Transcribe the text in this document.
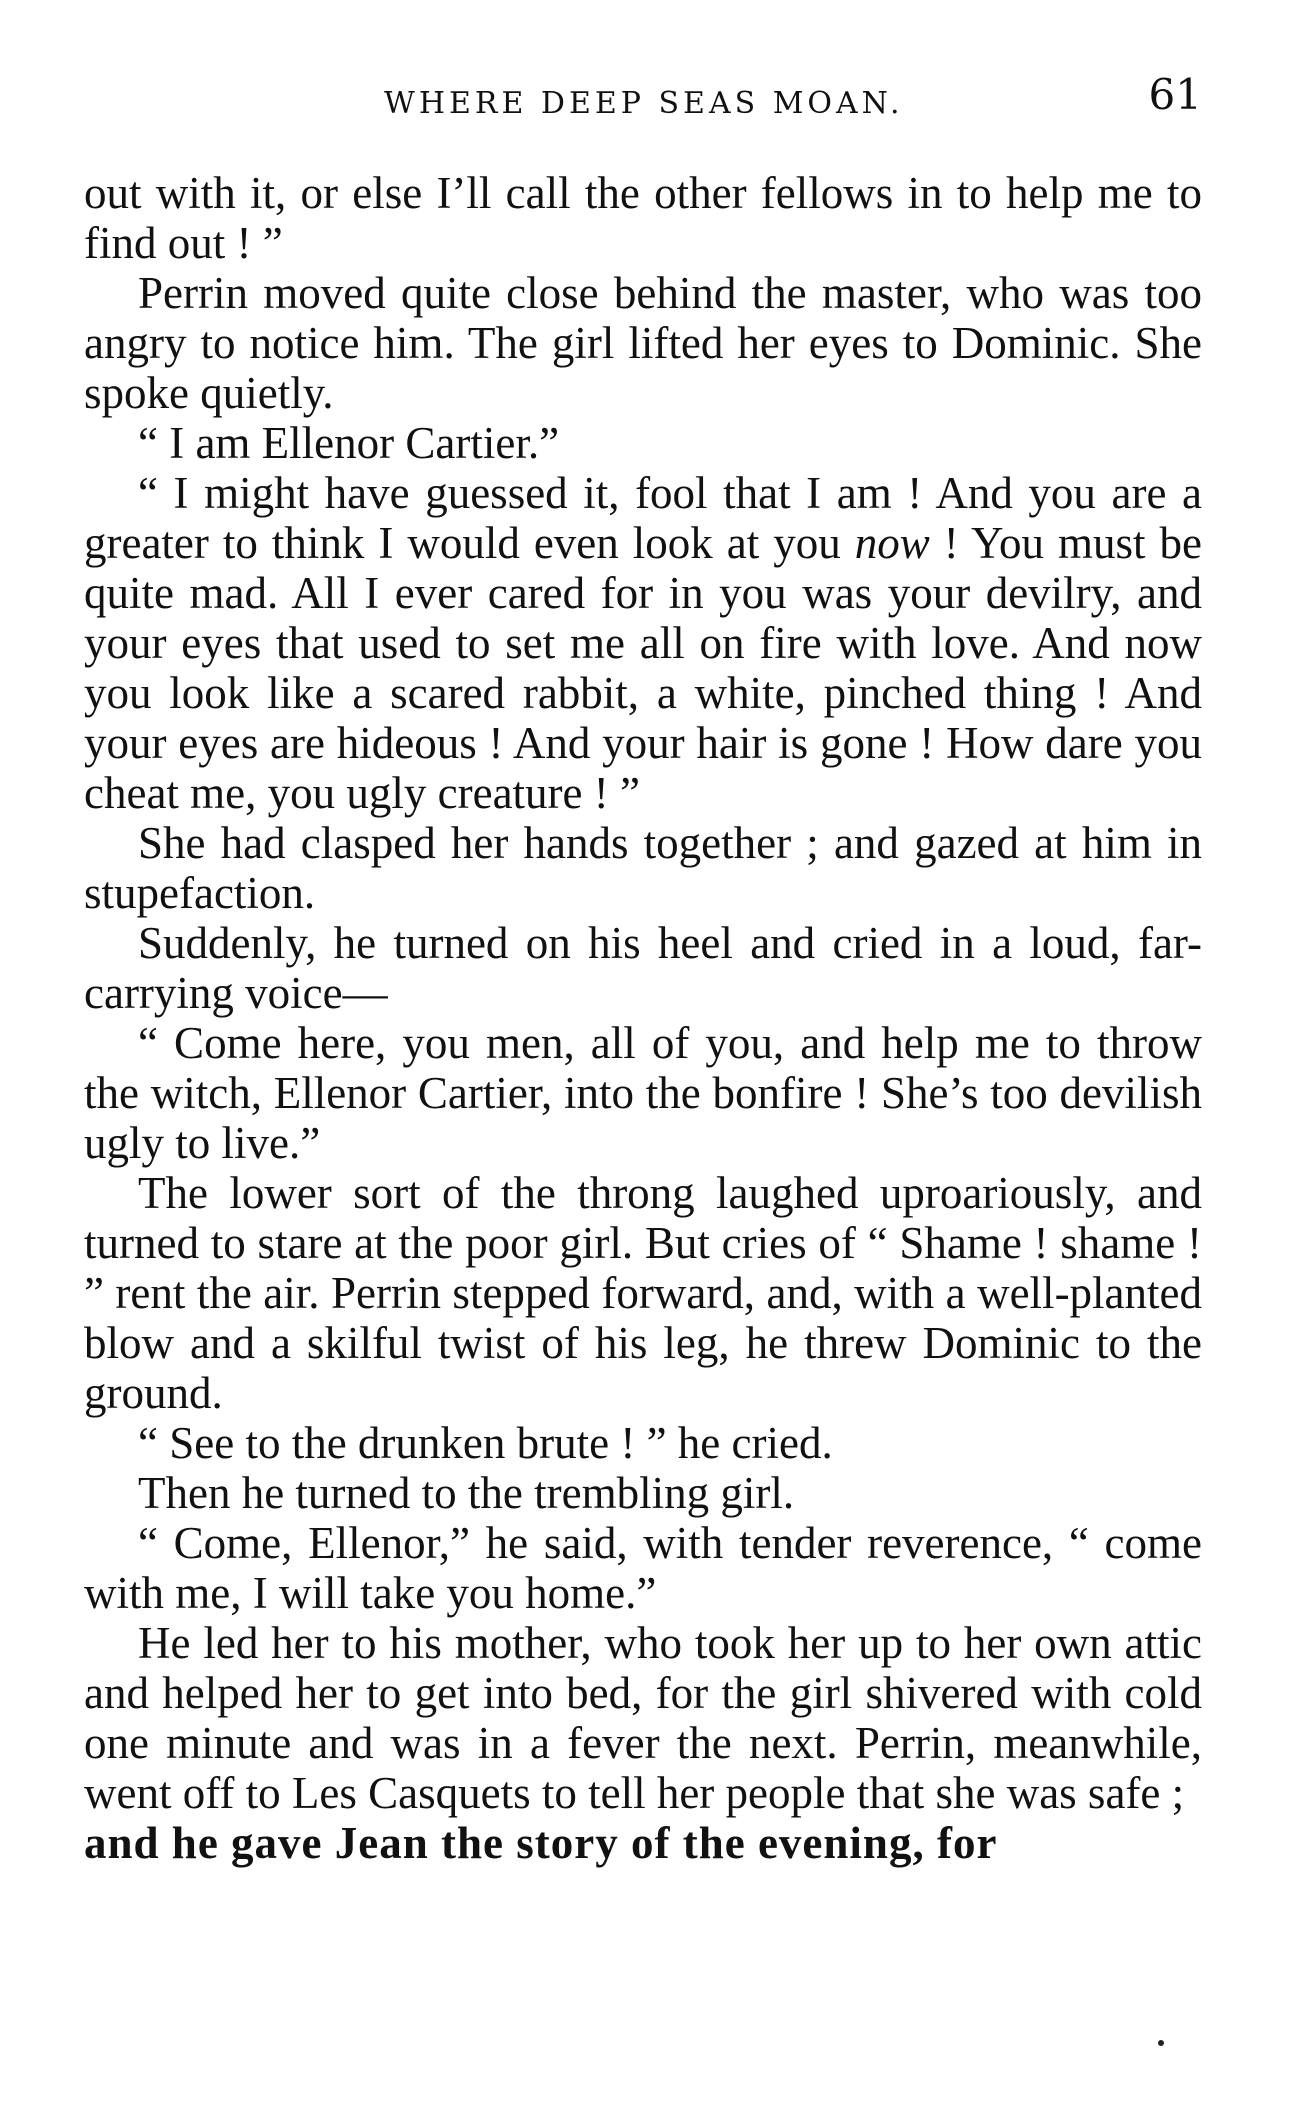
WHERE DEEP SEAS MOAN.	61

out with it, or else I’ll call the other fellows in to help me to find out ! ”

Perrin moved quite close behind the master, who was too angry to notice him. The girl lifted her eyes to Dominic. She spoke quietly.

“ I am Ellenor Cartier.”

“ I might have guessed it, fool that I am ! And you are a greater to think I would even look at you now ! You must be quite mad. All I ever cared for in you was your devilry, and your eyes that used to set me all on fire with love. And now you look like a scared rabbit, a white, pinched thing ! And your eyes are hideous ! And your hair is gone ! How dare you cheat me, you ugly creature ! ”

She had clasped her hands together ; and gazed at him in stupefaction.

Suddenly, he turned on his heel and cried in a loud, far-carrying voice—

“ Come here, you men, all of you, and help me to throw the witch, Ellenor Cartier, into the bonfire ! She’s too devilish ugly to live.”

The lower sort of the throng laughed uproariously, and turned to stare at the poor girl. But cries of “ Shame ! shame ! ” rent the air. Perrin stepped forward, and, with a well-planted blow and a skilful twist of his leg, he threw Dominic to the ground.

“ See to the drunken brute ! ” he cried.

Then he turned to the trembling girl.

“ Come, Ellenor,” he said, with tender reverence, “ come with me, I will take you home.”

He led her to his mother, who took her up to her own attic and helped her to get into bed, for the girl shivered with cold one minute and was in a fever the next. Perrin, meanwhile, went off to Les Casquets to tell her people that she was safe ;

and he gave Jean the story of the evening, for
